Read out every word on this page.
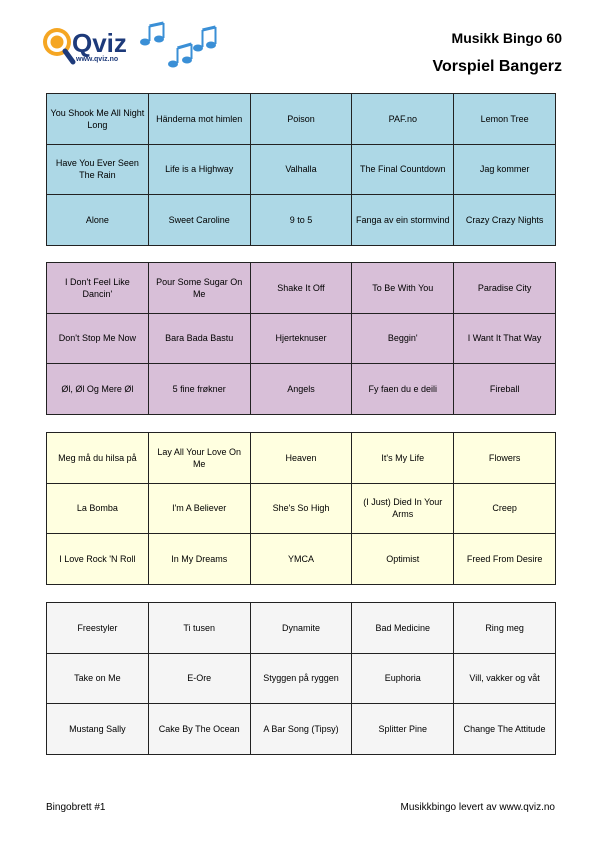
Qviz
www.qviz.no
Musikk Bingo 60
Vorspiel Bangerz
You Shook Me All Night Long	Händerna mot himlen	Poison	PAF.no	Lemon Tree
Have You Ever Seen The Rain	Life is a Highway	Valhalla	The Final Countdown	Jag kommer
Alone	Sweet Caroline	9 to 5	Fanga av ein stormvind	Crazy Crazy Nights
I Don't Feel Like Dancin'	Pour Some Sugar On Me	Shake It Off	To Be With You	Paradise City
Don't Stop Me Now	Bara Bada Bastu	Hjerteknuser	Beggin'	I Want It That Way
Øl, Øl Og Mere Øl	5 fine frøkner	Angels	Fy faen du e deili	Fireball
Meg må du hilsa på	Lay All Your Love On Me	Heaven	It's My Life	Flowers
La Bomba	I'm A Believer	She's So High	(I Just) Died In Your Arms	Creep
I Love Rock 'N Roll	In My Dreams	YMCA	Optimist	Freed From Desire
Freestyler	Ti tusen	Dynamite	Bad Medicine	Ring meg
Take on Me	E-Ore	Styggen på ryggen	Euphoria	Vill, vakker og våt
Mustang Sally	Cake By The Ocean	A Bar Song (Tipsy)	Splitter Pine	Change The Attitude
Bingobrett #1	Musikkbingo levert av www.qviz.no
